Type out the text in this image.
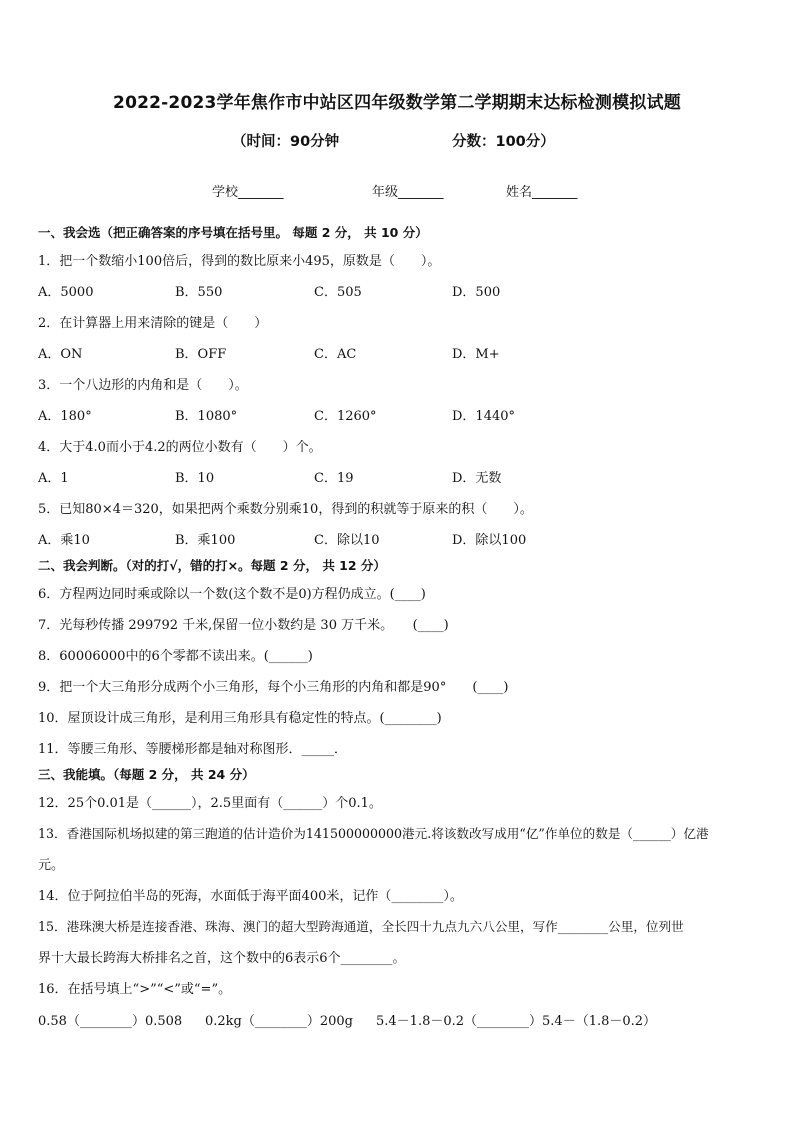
2022-2023学年焦作市中站区四年级数学第二学期期末达标检测模拟试题
（时间：90分钟	分数：100分）
学校_______	年级_______	姓名_______
一、我会选（把正确答案的序号填在括号里。 每题 2 分， 共 10 分）
1．把一个数缩小100倍后，得到的数比原来小495，原数是（　　）。
A．5000	B．550	C．505	D．500
2．在计算器上用来清除的键是（　　）
A．ON	B．OFF	C．AC	D．M+
3．一个八边形的内角和是（　　）。
A．180°	B．1080°	C．1260°	D．1440°
4．大于4.0而小于4.2的两位小数有（　　）个。
A．1	B．10	C．19	D．无数
5．已知80×4＝320，如果把两个乘数分别乘10，得到的积就等于原来的积（　　）。
A．乘10	B．乘100	C．除以10	D．除以100
二、我会判断。（对的打√，错的打×。每题 2 分， 共 12 分）
6．方程两边同时乘或除以一个数(这个数不是0)方程仍成立。(____)
7．光每秒传播 299792 千米,保留一位小数约是 30 万千米。　　(____)
8．60006000中的6个零都不读出来。(______)
9．把一个大三角形分成两个小三角形，每个小三角形的内角和都是90°　　(____)
10．屋顶设计成三角形，是利用三角形具有稳定性的特点。(________)
11．等腰三角形、等腰梯形都是轴对称图形．_____．
三、我能填。（每题 2 分， 共 24 分）
12．25个0.01是（______），2.5里面有（______）个0.1。
13．香港国际机场拟建的第三跑道的估计造价为141500000000港元.将该数改写成用“亿”作单位的数是（______）亿港
元。
14．位于阿拉伯半岛的死海，水面低于海平面400米，记作（________）。
15．港珠澳大桥是连接香港、珠海、澳门的超大型跨海通道，全长四十九点九六八公里，写作________公里，位列世
界十大最长跨海大桥排名之首，这个数中的6表示6个________。
16．在括号填上“>”“<”或“=”。
0.58（________）0.508 0.2kg（________）200g 5.4－1.8－0.2（________）5.4－（1.8－0.2）
